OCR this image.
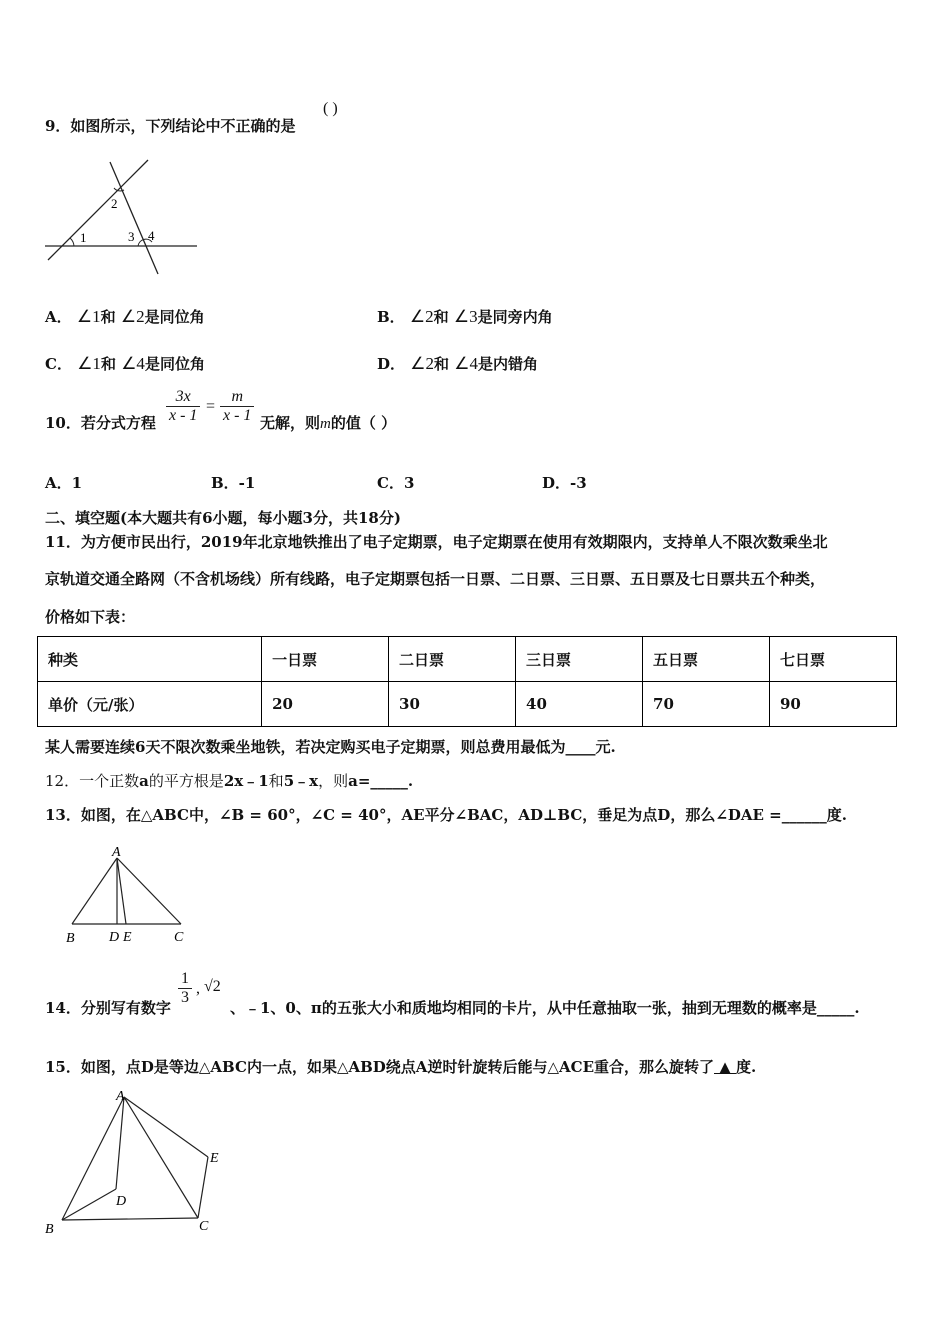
9．如图所示，下列结论中不正确的是
( )
1
2
3 4
A． ∠1和 ∠2是同位角	B． ∠2和 ∠3是同旁内角
C． ∠1和 ∠4是同位角	D． ∠2和 ∠4是内错角
10．若分式方程 $\frac{3x}{x - 1} = \frac{m}{x - 1}$ 无解，则m的值（ ）
A．1	B．-1	C．3	D．-3
二、填空题(本大题共有6小题，每小题3分，共18分)
11．为方便市民出行，2019年北京地铁推出了电子定期票，电子定期票在使用有效期限内，支持单人不限次数乘坐北
京轨道交通全路网（不含机场线）所有线路，电子定期票包括一日票、二日票、三日票、五日票及七日票共五个种类，
价格如下表：
种类	一日票	二日票	三日票	五日票	七日票
单价（元/张）	20	30	40	70	90
某人需要连续6天不限次数乘坐地铁，若决定购买电子定期票，则总费用最低为____元.
12．一个正数a的平方根是2x﹣1和5﹣x，则a=_____.
13．如图，在△ABC中，∠B = 60°，∠C = 40°，AE平分∠BAC，AD⊥BC，垂足为点D，那么∠DAE =______度.
A
B D E	C
14．分别写有数字
$\frac{1}{3}$ , √2
、﹣1、0、π的五张大小和质地均相同的卡片，从中任意抽取一张，抽到无理数的概率是_____.
15．如图，点D是等边△ABC内一点，如果△ABD绕点A逆时针旋转后能与△ACE重合，那么旋转了 ▲ 度.
A
B	C
D
E
